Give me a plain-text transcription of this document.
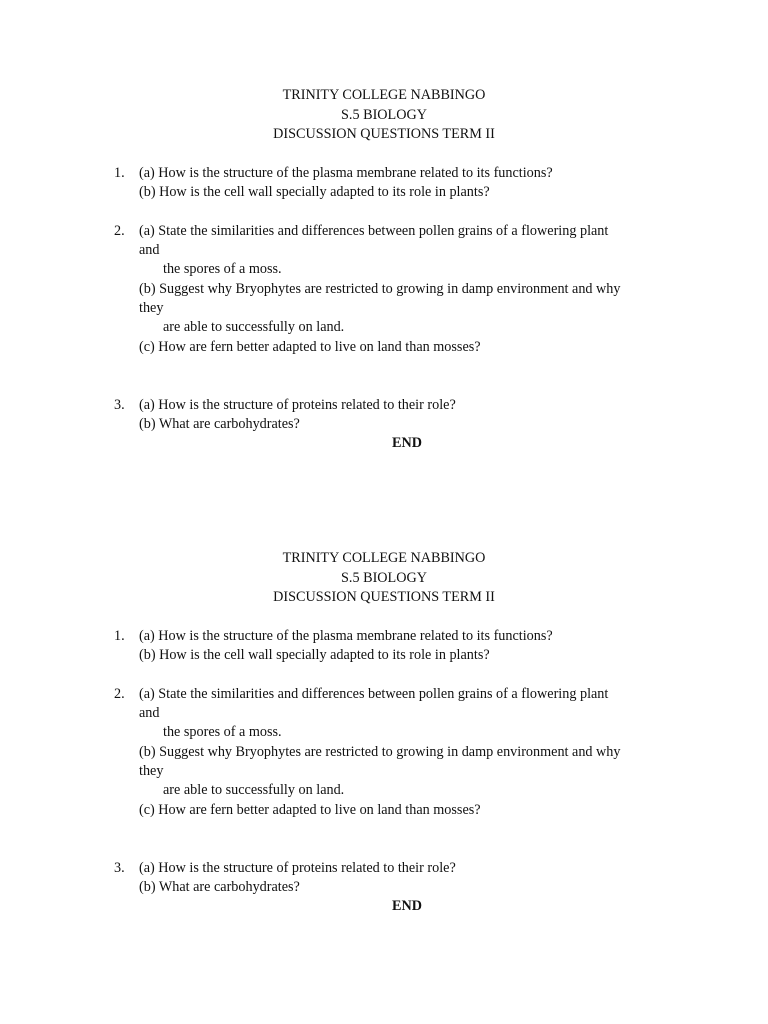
TRINITY COLLEGE NABBINGO
S.5 BIOLOGY
DISCUSSION QUESTIONS TERM II
1. (a) How is the structure of the plasma membrane related to its functions?
(b) How is the cell wall specially adapted to its role in plants?
2. (a) State the similarities and differences between pollen grains of a flowering plant
and
the spores of a moss.
(b) Suggest why Bryophytes are restricted to growing in damp environment and why
they
are able to successfully on land.
(c) How are fern better adapted to live on land than mosses?
3. (a) How is the structure of proteins related to their role?
(b) What are carbohydrates?
END
TRINITY COLLEGE NABBINGO
S.5 BIOLOGY
DISCUSSION QUESTIONS TERM II
1. (a) How is the structure of the plasma membrane related to its functions?
(b) How is the cell wall specially adapted to its role in plants?
2. (a) State the similarities and differences between pollen grains of a flowering plant
and
the spores of a moss.
(b) Suggest why Bryophytes are restricted to growing in damp environment and why
they
are able to successfully on land.
(c) How are fern better adapted to live on land than mosses?
3. (a) How is the structure of proteins related to their role?
(b) What are carbohydrates?
END
